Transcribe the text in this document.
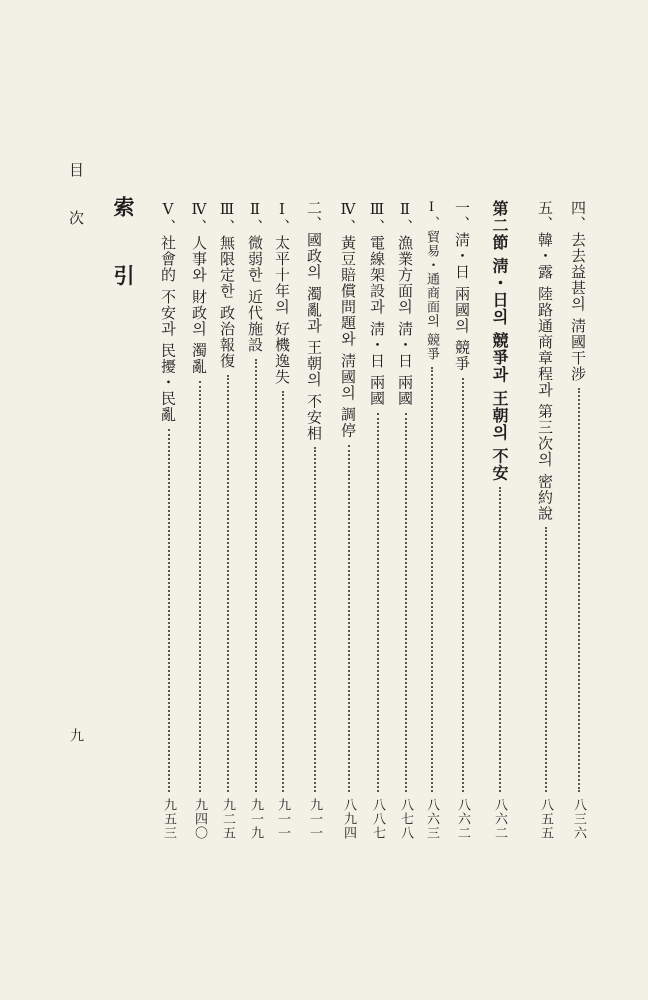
目 次
九
索 引	四、去去益甚의 淸國干涉
八三六
五、韓・露 陸路通商章程과 第三次의 密約說
八五五
第二節 淸・日의 競爭과 王朝의 不安
八六二
一、淸・日 兩國의 競爭
八六二
Ⅰ、貿易・通商面의 競爭
八六三
Ⅱ、漁業方面의 淸・日 兩國
八七八
Ⅲ、電線架設과 淸・日 兩國
八八七
Ⅳ、黃豆賠償問題와 淸國의 調停
八九四
二、國政의 濁亂과 王朝의 不安相
九一一
Ⅰ、太平十年의 好機逸失
九一一
Ⅱ、微弱한 近代施設
九一九
Ⅲ、無限定한 政治報復
九二五
Ⅳ、人事와 財政의 濁亂
九四〇
Ⅴ、社會的 不安과 民擾・民亂
九五三
